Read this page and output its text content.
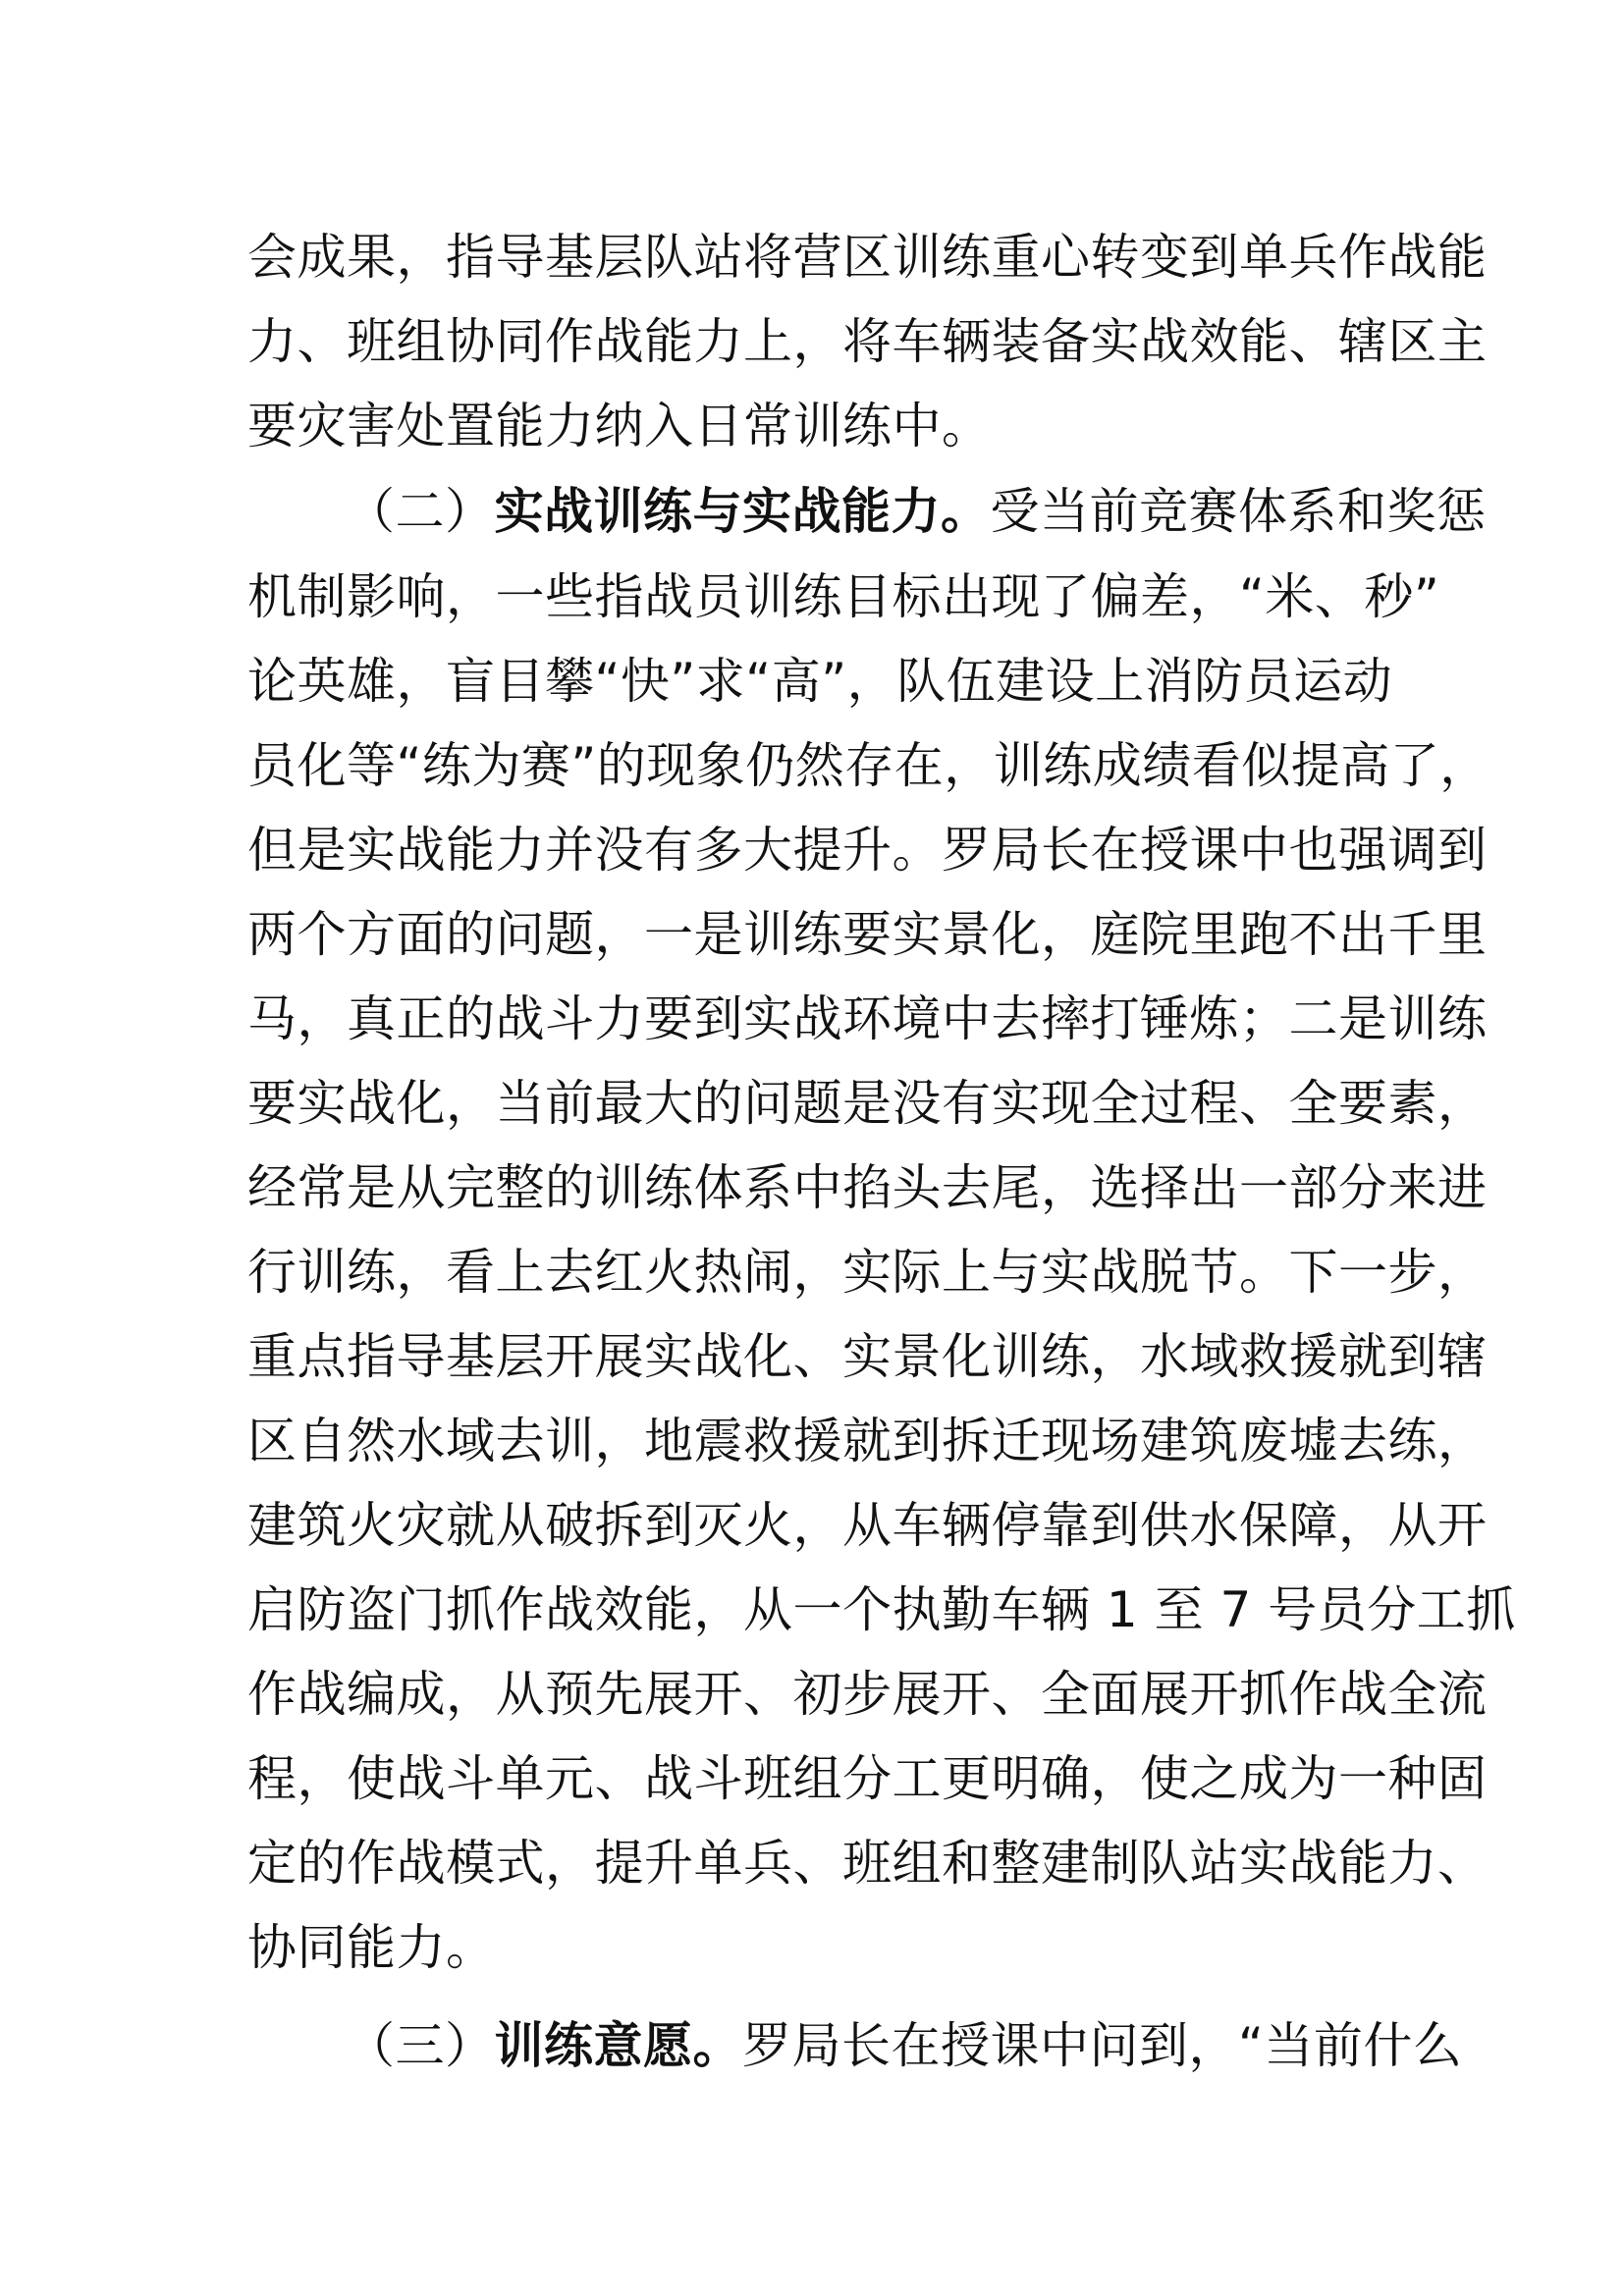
会成果，指导基层队站将营区训练重心转变到单兵作战能
力、班组协同作战能力上，将车辆装备实战效能、辖区主
要灾害处置能力纳入日常训练中。
（二）实战训练与实战能力。受当前竞赛体系和奖惩
机制影响，一些指战员训练目标出现了偏差，“米、秒”
论英雄，盲目攀“快”求“高”，队伍建设上消防员运动
员化等“练为赛”的现象仍然存在，训练成绩看似提高了，
但是实战能力并没有多大提升。罗局长在授课中也强调到
两个方面的问题，一是训练要实景化，庭院里跑不出千里
马，真正的战斗力要到实战环境中去摔打锤炼；二是训练
要实战化，当前最大的问题是没有实现全过程、全要素，
经常是从完整的训练体系中掐头去尾，选择出一部分来进
行训练，看上去红火热闹，实际上与实战脱节。下一步，
重点指导基层开展实战化、实景化训练，水域救援就到辖
区自然水域去训，地震救援就到拆迁现场建筑废墟去练，
建筑火灾就从破拆到灭火，从车辆停靠到供水保障，从开
启防盗门抓作战效能，从一个执勤车辆 1 至 7 号员分工抓
作战编成，从预先展开、初步展开、全面展开抓作战全流
程，使战斗单元、战斗班组分工更明确，使之成为一种固
定的作战模式，提升单兵、班组和整建制队站实战能力、
协同能力。
（三）训练意愿。罗局长在授课中问到，“当前什么
